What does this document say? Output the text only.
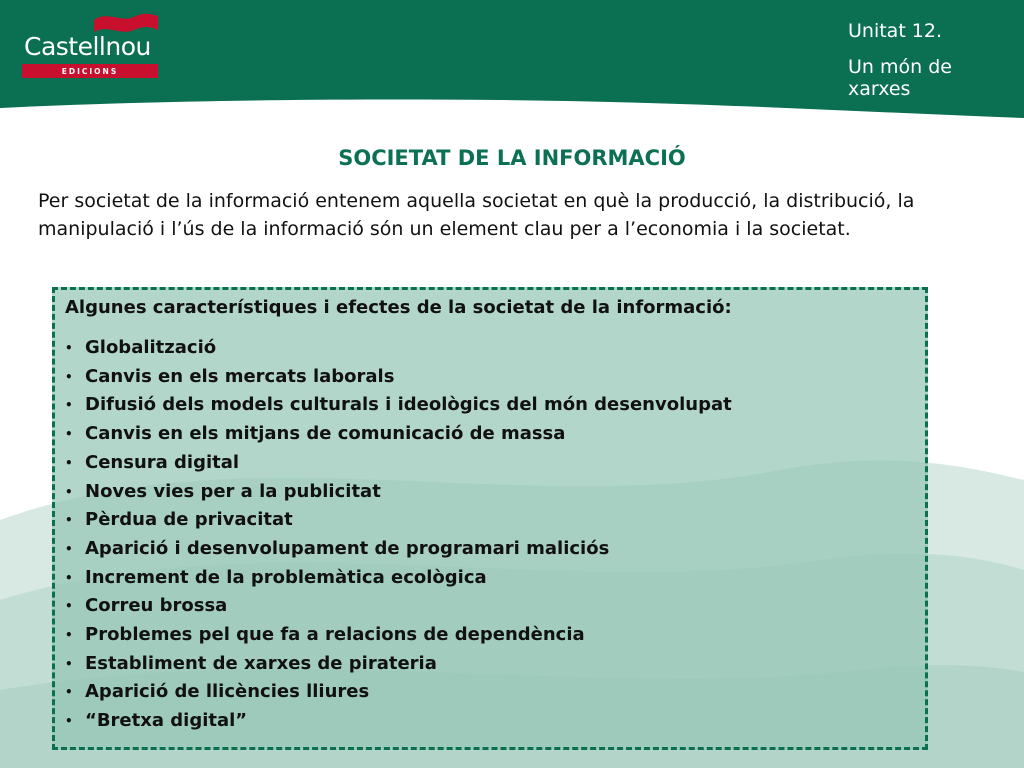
Castellnou
EDICIONS
Unitat 12.
Un món de xarxes
SOCIETAT DE LA INFORMACIÓ
Per societat de la informació entenem aquella societat en què la producció, la distribució, la manipulació i l’ús de la informació són un element clau per a l’economia i la societat.
Algunes característiques i efectes de la societat de la informació:
• Globalització
• Canvis en els mercats laborals
• Difusió dels models culturals i ideològics del món desenvolupat
• Canvis en els mitjans de comunicació de massa
• Censura digital
• Noves vies per a la publicitat
• Pèrdua de privacitat
• Aparició i desenvolupament de programari maliciós
• Increment de la problemàtica ecològica
• Correu brossa
• Problemes pel que fa a relacions de dependència
• Establiment de xarxes de pirateria
• Aparició de llicències lliures
• “Bretxa digital”
